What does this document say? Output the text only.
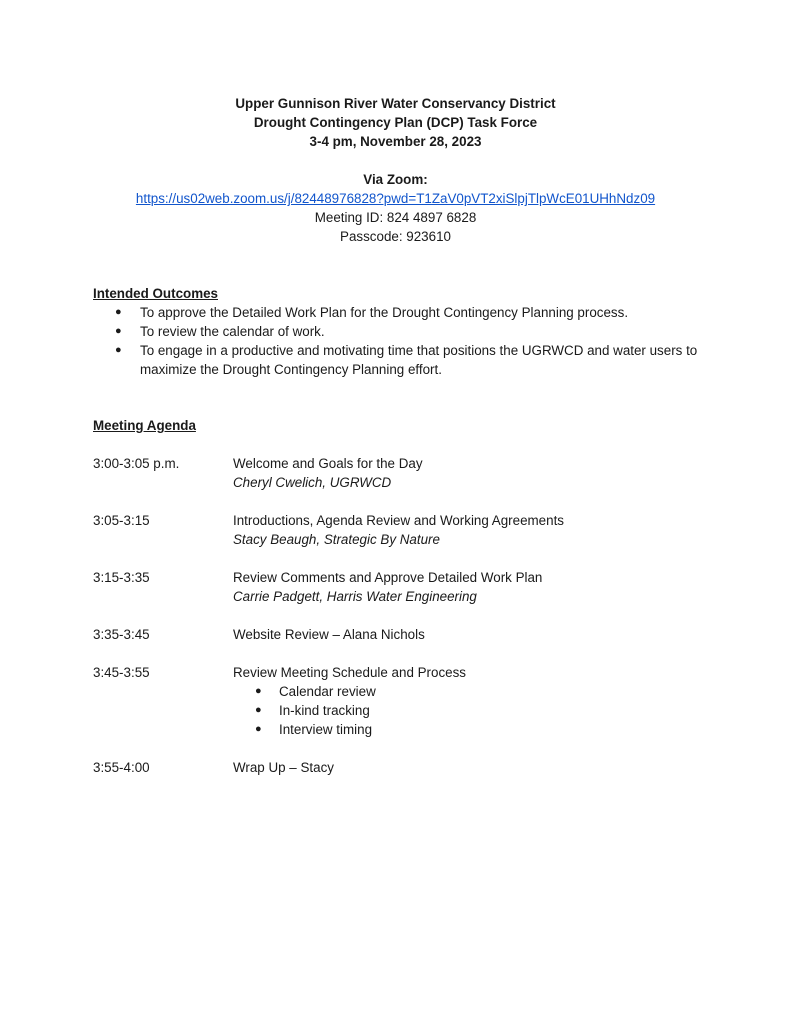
Upper Gunnison River Water Conservancy District
Drought Contingency Plan (DCP) Task Force
3-4 pm, November 28, 2023
Via Zoom:
https://us02web.zoom.us/j/82448976828?pwd=T1ZaV0pVT2xiSlpjTlpWcE01UHhNdz09
Meeting ID: 824 4897 6828
Passcode: 923610
Intended Outcomes
● To approve the Detailed Work Plan for the Drought Contingency Planning process.
● To review the calendar of work.
● To engage in a productive and motivating time that positions the UGRWCD and water users to maximize the Drought Contingency Planning effort.
Meeting Agenda
3:00-3:05 p.m.	Welcome and Goals for the Day
Cheryl Cwelich, UGRWCD
3:05-3:15	Introductions, Agenda Review and Working Agreements
Stacy Beaugh, Strategic By Nature
3:15-3:35	Review Comments and Approve Detailed Work Plan
Carrie Padgett, Harris Water Engineering
3:35-3:45	Website Review – Alana Nichols
3:45-3:55	Review Meeting Schedule and Process
● Calendar review
● In-kind tracking
● Interview timing
3:55-4:00	Wrap Up – Stacy
